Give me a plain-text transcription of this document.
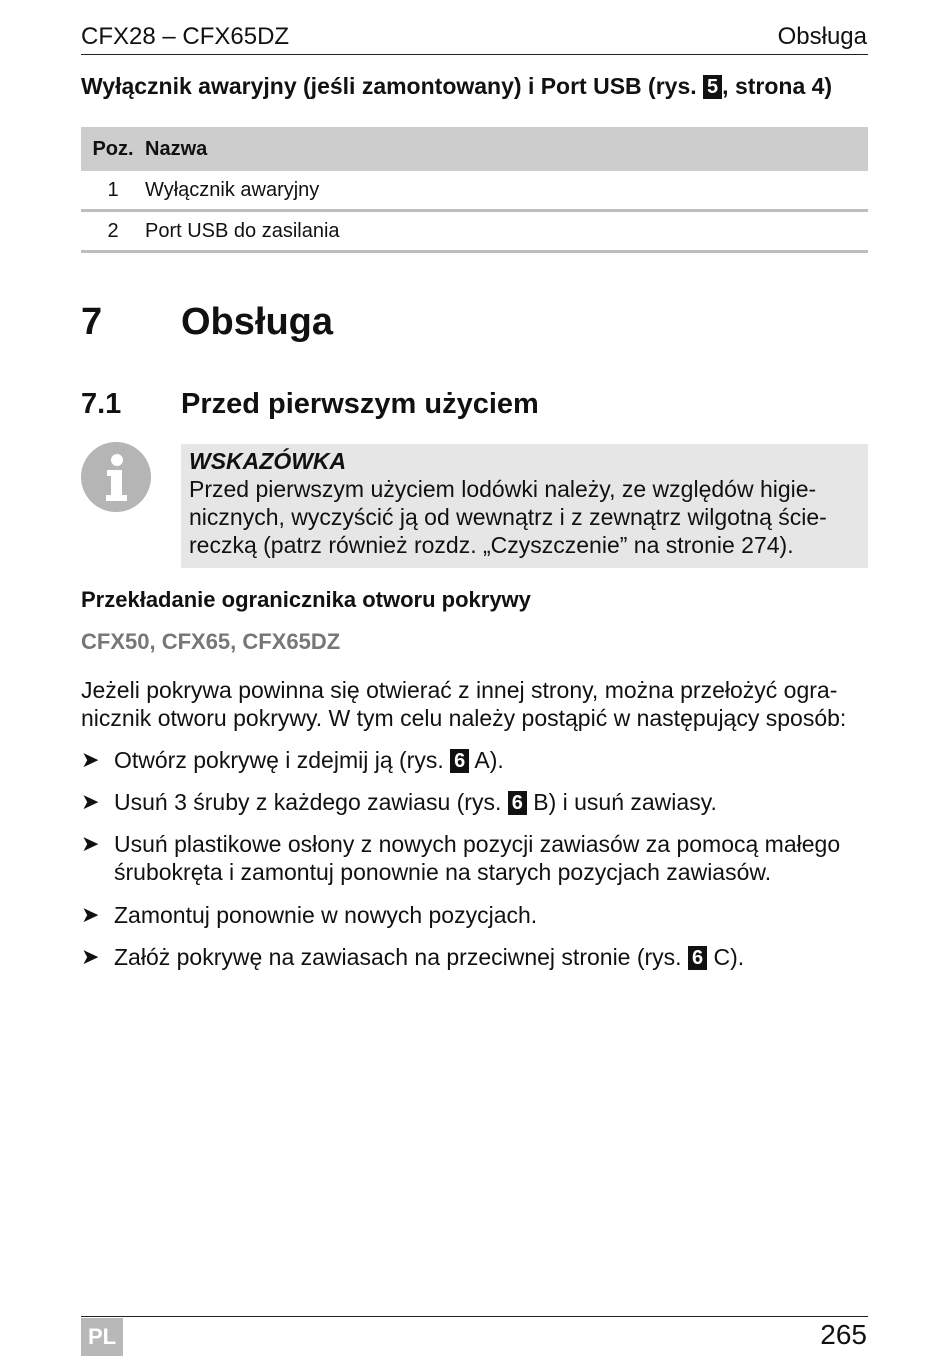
CFX28 – CFX65DZ	Obsługa
Wyłącznik awaryjny (jeśli zamontowany) i Port USB (rys. 5 , strona 4)
Poz.	Nazwa
1	Wyłącznik awaryjny
2	Port USB do zasilania
7 Obsługa
7.1 Przed pierwszym użyciem
WSKAZÓWKA
Przed pierwszym użyciem lodówki należy, ze względów higie-
nicznych, wyczyścić ją od wewnątrz i z zewnątrz wilgotną ście-
reczką (patrz również rozdz. „Czyszczenie” na stronie 274).
Przekładanie ogranicznika otworu pokrywy
CFX50, CFX65, CFX65DZ
Jeżeli pokrywa powinna się otwierać z innej strony, można przełożyć ogra-
nicznik otworu pokrywy. W tym celu należy postąpić w następujący sposób:
➤ Otwórz pokrywę i zdejmij ją (rys. 6 A).
➤ Usuń 3 śruby z każdego zawiasu (rys. 6 B) i usuń zawiasy.
➤ Usuń plastikowe osłony z nowych pozycji zawiasów za pomocą małego
śrubokręta i zamontuj ponownie na starych pozycjach zawiasów.
➤ Zamontuj ponownie w nowych pozycjach.
➤ Załóż pokrywę na zawiasach na przeciwnej stronie (rys. 6 C).
PL	265
